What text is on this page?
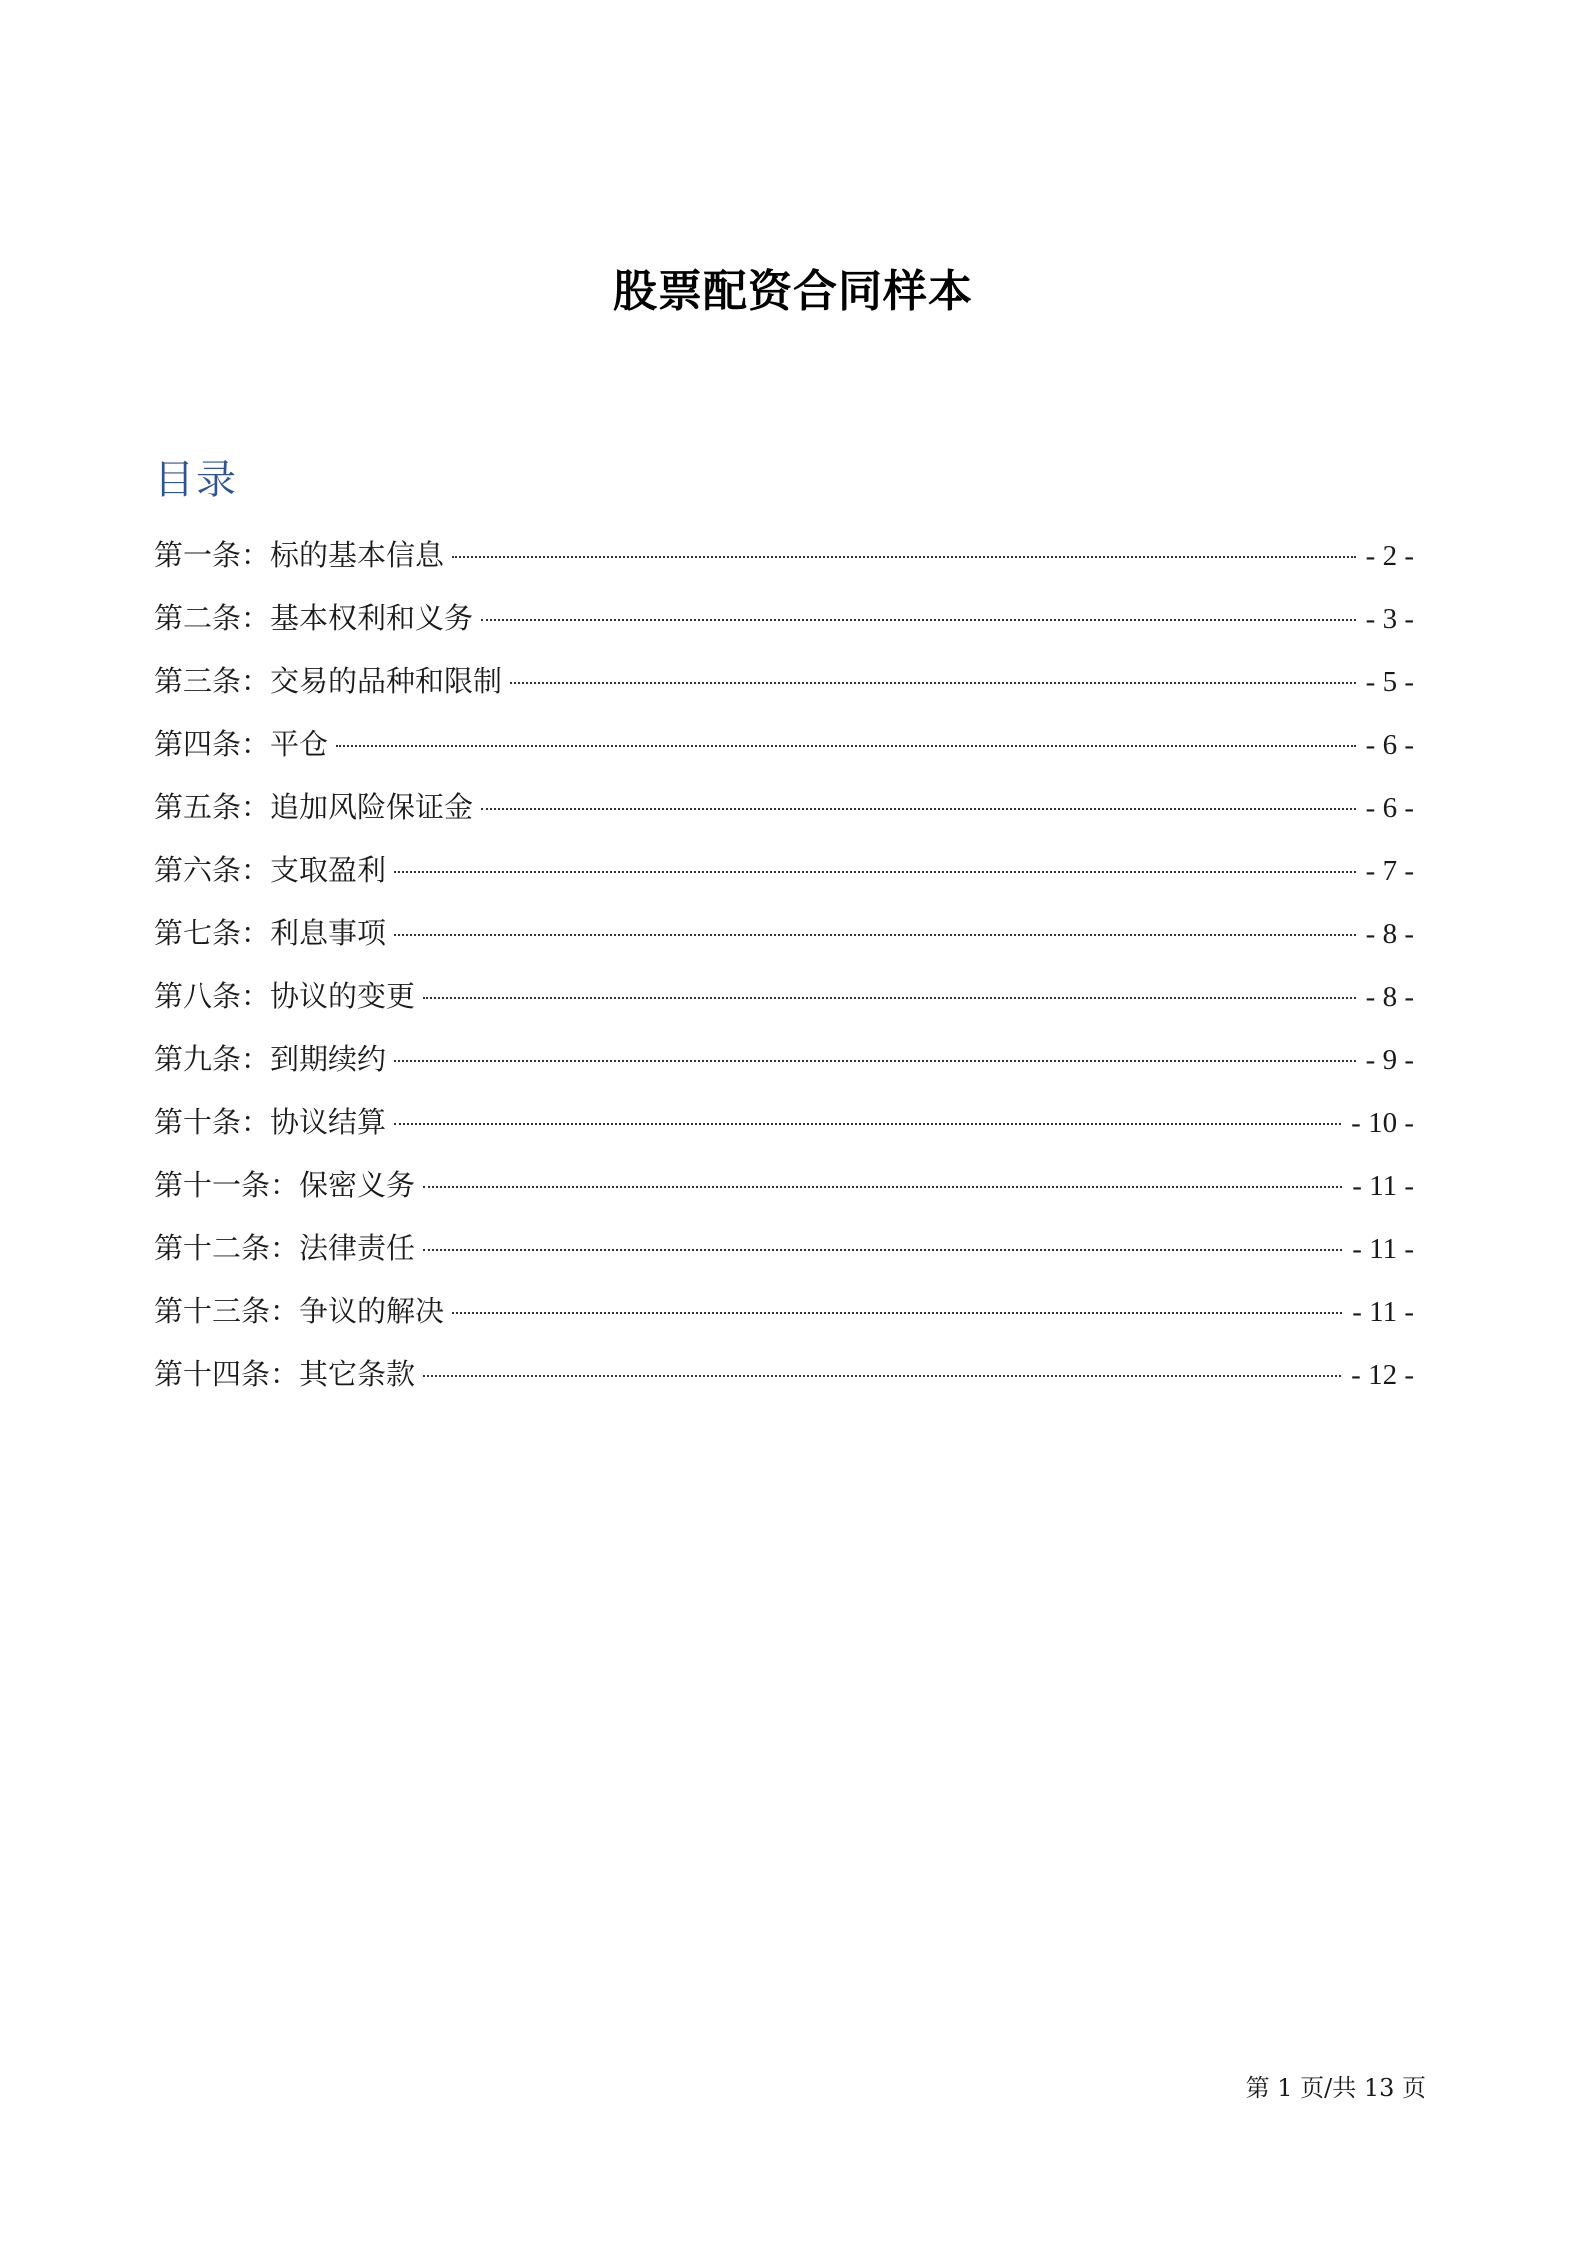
股票配资合同样本
目录
第一条：标的基本信息	- 2 -
第二条：基本权利和义务	- 3 -
第三条：交易的品种和限制	- 5 -
第四条：平仓	- 6 -
第五条：追加风险保证金	- 6 -
第六条：支取盈利	- 7 -
第七条：利息事项	- 8 -
第八条：协议的变更	- 8 -
第九条：到期续约	- 9 -
第十条：协议结算	- 10 -
第十一条：保密义务	- 11 -
第十二条：法律责任	- 11 -
第十三条：争议的解决	- 11 -
第十四条：其它条款	- 12 -
第 1 页/共 13 页
